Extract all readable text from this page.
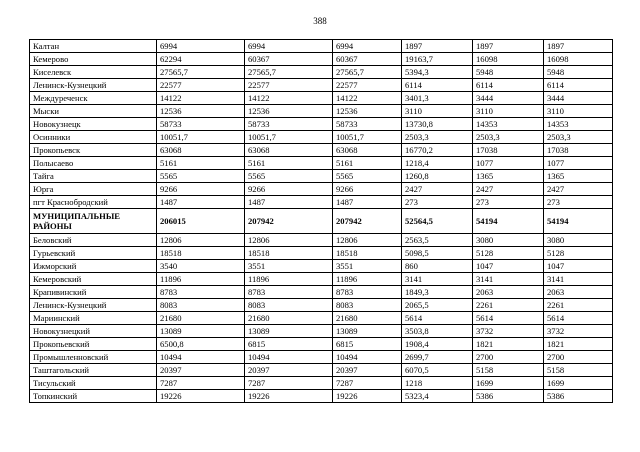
388
Калтан	6994	6994	6994	1897	1897	1897
Кемерово	62294	60367	60367	19163,7	16098	16098
Киселевск	27565,7	27565,7	27565,7	5394,3	5948	5948
Ленинск-Кузнецкий	22577	22577	22577	6114	6114	6114
Междуреченск	14122	14122	14122	3401,3	3444	3444
Мыски	12536	12536	12536	3110	3110	3110
Новокузнецк	58733	58733	58733	13730,8	14353	14353
Осинники	10051,7	10051,7	10051,7	2503,3	2503,3	2503,3
Прокопьевск	63068	63068	63068	16770,2	17038	17038
Полысаево	5161	5161	5161	1218,4	1077	1077
Тайга	5565	5565	5565	1260,8	1365	1365
Юрга	9266	9266	9266	2427	2427	2427
пгт Краснобродский	1487	1487	1487	273	273	273
МУНИЦИПАЛЬНЫЕ РАЙОНЫ	206015	207942	207942	52564,5	54194	54194
Беловский	12806	12806	12806	2563,5	3080	3080
Гурьевский	18518	18518	18518	5098,5	5128	5128
Ижморский	3540	3551	3551	860	1047	1047
Кемеровский	11896	11896	11896	3141	3141	3141
Крапивинский	8783	8783	8783	1849,3	2063	2063
Ленинск-Кузнецкий	8083	8083	8083	2065,5	2261	2261
Мариинский	21680	21680	21680	5614	5614	5614
Новокузнецкий	13089	13089	13089	3503,8	3732	3732
Прокопьевский	6500,8	6815	6815	1908,4	1821	1821
Промышленновский	10494	10494	10494	2699,7	2700	2700
Таштагольский	20397	20397	20397	6070,5	5158	5158
Тисульский	7287	7287	7287	1218	1699	1699
Топкинский	19226	19226	19226	5323,4	5386	5386
